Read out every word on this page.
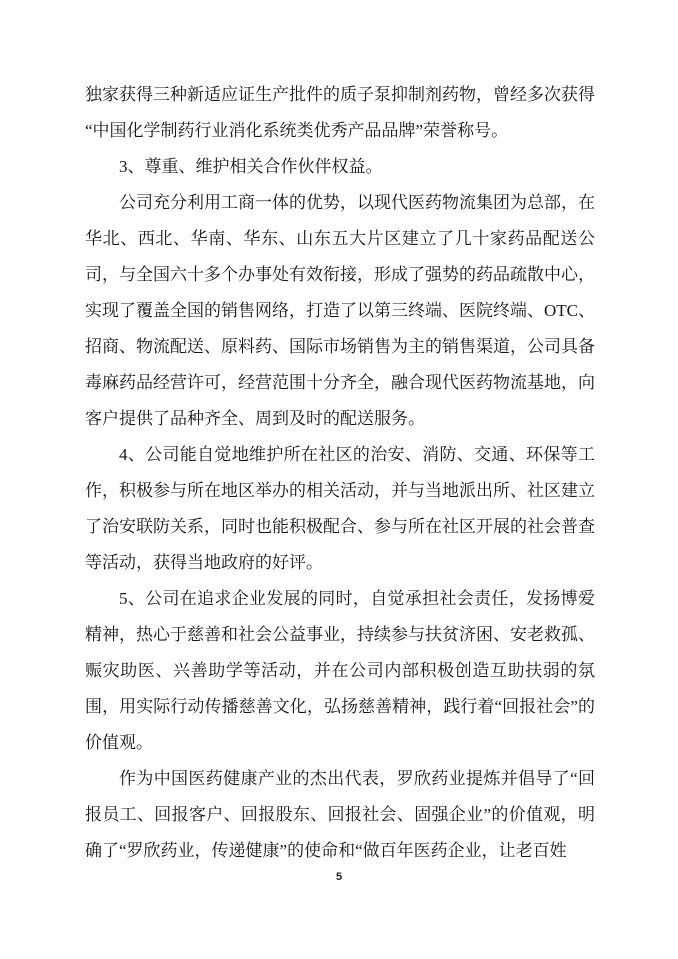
独家获得三种新适应证生产批件的质子泵抑制剂药物，曾经多次获得“中国化学制药行业消化系统类优秀产品品牌”荣誉称号。

3、尊重、维护相关合作伙伴权益。

公司充分利用工商一体的优势，以现代医药物流集团为总部，在华北、西北、华南、华东、山东五大片区建立了几十家药品配送公司，与全国六十多个办事处有效衔接，形成了强势的药品疏散中心，实现了覆盖全国的销售网络，打造了以第三终端、医院终端、OTC、招商、物流配送、原料药、国际市场销售为主的销售渠道，公司具备毒麻药品经营许可，经营范围十分齐全，融合现代医药物流基地，向客户提供了品种齐全、周到及时的配送服务。

4、公司能自觉地维护所在社区的治安、消防、交通、环保等工作，积极参与所在地区举办的相关活动，并与当地派出所、社区建立了治安联防关系，同时也能积极配合、参与所在社区开展的社会普查等活动，获得当地政府的好评。

5、公司在追求企业发展的同时，自觉承担社会责任，发扬博爱精神，热心于慈善和社会公益事业，持续参与扶贫济困、安老救孤、赈灾助医、兴善助学等活动，并在公司内部积极创造互助扶弱的氛围，用实际行动传播慈善文化，弘扬慈善精神，践行着“回报社会”的价值观。

作为中国医药健康产业的杰出代表，罗欣药业提炼并倡导了“回报员工、回报客户、回报股东、回报社会、固强企业”的价值观，明确了“罗欣药业，传递健康”的使命和“做百年医药企业，让老百姓

5
